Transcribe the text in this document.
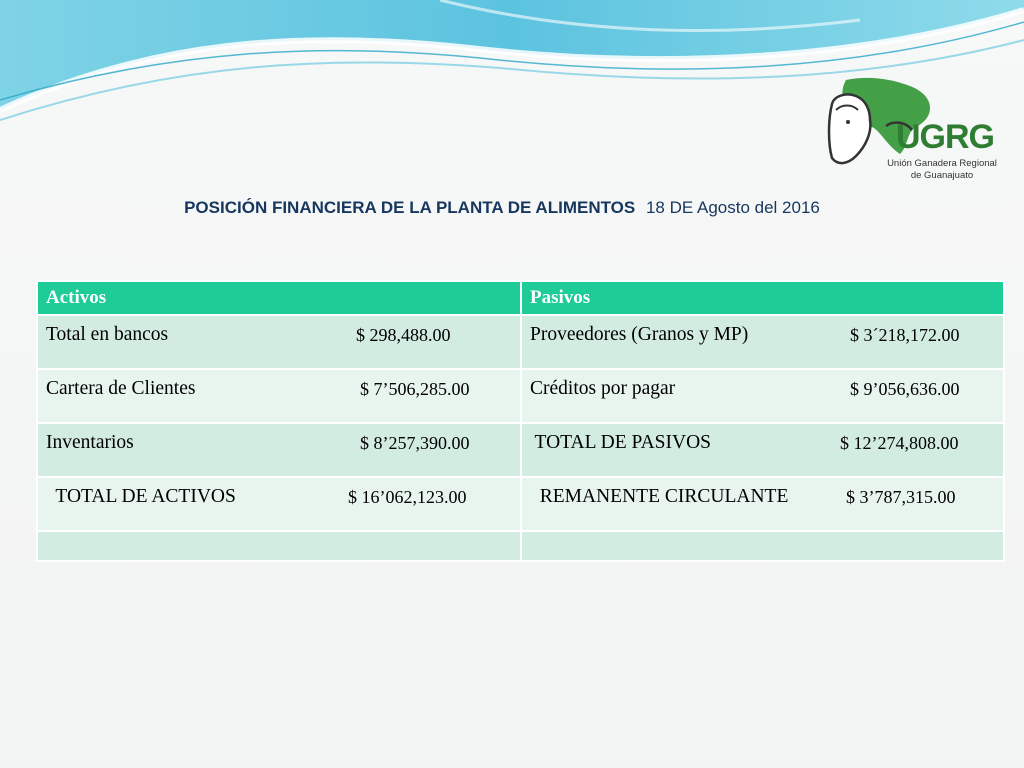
UGRG
Unión Ganadera Regional
de Guanajuato
POSICIÓN FINANCIERA DE LA PLANTA DE ALIMENTOS 18 DE Agosto del 2016
Activos	Pasivos

Total en bancos $ 298,488.00	Proveedores (Granos y MP) $ 3´218,172.00

Cartera de Clientes $ 7’506,285.00	Créditos por pagar $ 9’056,636.00

Inventarios $ 8’257,390.00	TOTAL DE PASIVOS $ 12’274,808.00

TOTAL DE ACTIVOS $ 16’062,123.00	REMANENTE CIRCULANTE $ 3’787,315.00
